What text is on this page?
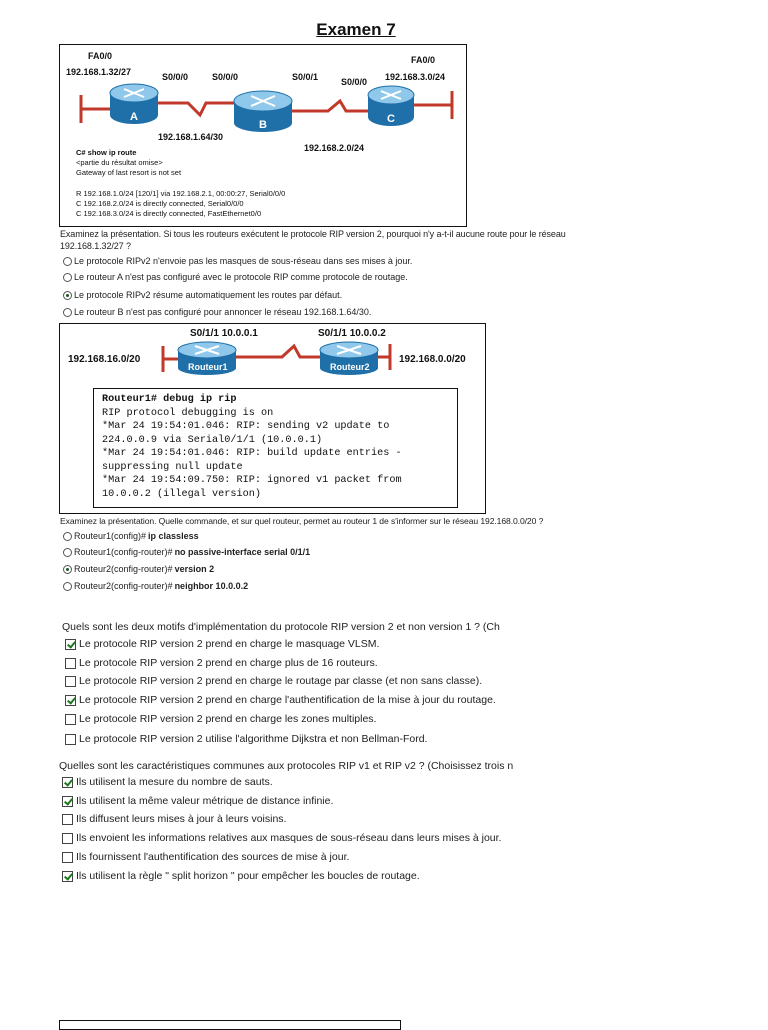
Examen 7
A
B	C
FA0/0
192.168.1.32/27	S0/0/0	S0/0/0	S0/0/1	S0/0/0
FA0/0
192.168.3.0/24
192.168.1.64/30
192.168.2.0/24
C# show ip route
<partie du résultat omise>
Gateway of last resort is not set
R 192.168.1.0/24 [120/1] via 192.168.2.1, 00:00:27, Serial0/0/0
C 192.168.2.0/24 is directly connected, Serial0/0/0
C 192.168.3.0/24 is directly connected, FastEthernet0/0
Examinez la présentation. Si tous les routeurs exécutent le protocole RIP version 2, pourquoi n'y a-t-il aucune route pour le réseau
192.168.1.32/27 ?
Le protocole RIPv2 n'envoie pas les masques de sous-réseau dans ses mises à jour.
Le routeur A n'est pas configuré avec le protocole RIP comme protocole de routage.
Le protocole RIPv2 résume automatiquement les routes par défaut.
Le routeur B n'est pas configuré pour annoncer le réseau 192.168.1.64/30.
Routeur1	Routeur2
S0/1/1 10.0.0.1	S0/1/1 10.0.0.2
192.168.16.0/20	192.168.0.0/20
Routeur1# debug ip rip
RIP protocol debugging is on
*Mar 24 19:54:01.046: RIP: sending v2 update to
224.0.0.9 via Serial0/1/1 (10.0.0.1)
*Mar 24 19:54:01.046: RIP: build update entries -
suppressing null update
*Mar 24 19:54:09.750: RIP: ignored v1 packet from
10.0.0.2 (illegal version)
Examinez la présentation. Quelle commande, et sur quel routeur, permet au routeur 1 de s'informer sur le réseau 192.168.0.0/20 ?
Routeur1(config)# ip classless
Routeur1(config-router)# no passive-interface serial 0/1/1
Routeur2(config-router)# version 2
Routeur2(config-router)# neighbor 10.0.0.2
Quels sont les deux motifs d'implémentation du protocole RIP version 2 et non version 1 ? (Ch
Le protocole RIP version 2 prend en charge le masquage VLSM.
Le protocole RIP version 2 prend en charge plus de 16 routeurs.
Le protocole RIP version 2 prend en charge le routage par classe (et non sans classe).
Le protocole RIP version 2 prend en charge l'authentification de la mise à jour du routage.
Le protocole RIP version 2 prend en charge les zones multiples.
Le protocole RIP version 2 utilise l'algorithme Dijkstra et non Bellman-Ford.
Quelles sont les caractéristiques communes aux protocoles RIP v1 et RIP v2 ? (Choisissez trois n
Ils utilisent la mesure du nombre de sauts.
Ils utilisent la même valeur métrique de distance infinie.
Ils diffusent leurs mises à jour à leurs voisins.
Ils envoient les informations relatives aux masques de sous-réseau dans leurs mises à jour.
Ils fournissent l'authentification des sources de mise à jour.
Ils utilisent la règle " split horizon " pour empêcher les boucles de routage.
